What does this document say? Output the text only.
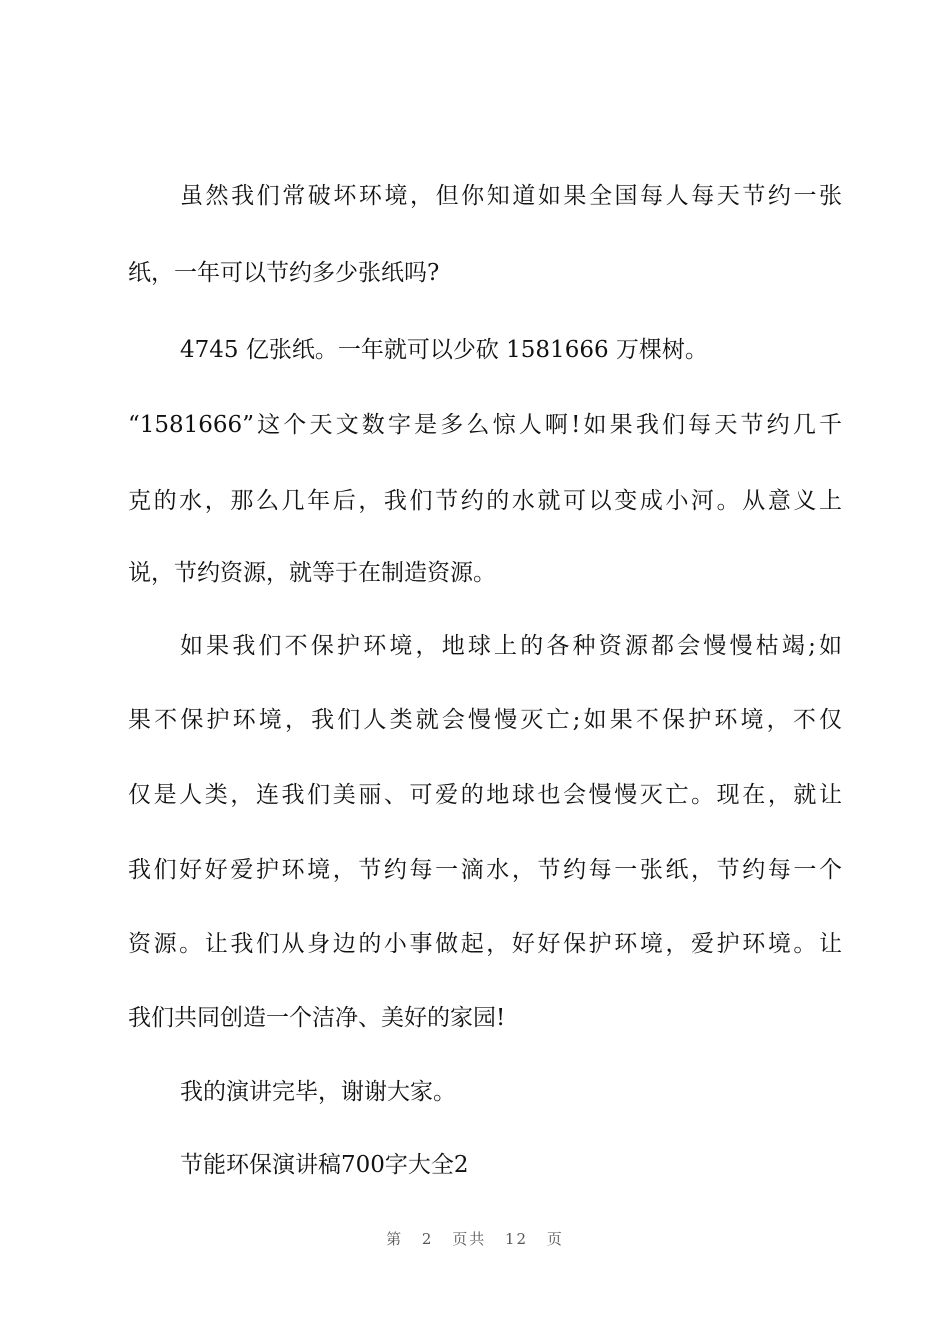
虽然我们常破坏环境，但你知道如果全国每人每天节约一张
纸，一年可以节约多少张纸吗?
4745 亿张纸。一年就可以少砍 1581666 万棵树。
“1581666”这个天文数字是多么惊人啊!如果我们每天节约几千
克的水，那么几年后，我们节约的水就可以变成小河。从意义上
说，节约资源，就等于在制造资源。
如果我们不保护环境，地球上的各种资源都会慢慢枯竭;如
果不保护环境，我们人类就会慢慢灭亡;如果不保护环境，不仅
仅是人类，连我们美丽、可爱的地球也会慢慢灭亡。现在，就让
我们好好爱护环境，节约每一滴水，节约每一张纸，节约每一个
资源。让我们从身边的小事做起，好好保护环境，爱护环境。让
我们共同创造一个洁净、美好的家园!
我的演讲完毕，谢谢大家。
节能环保演讲稿700字大全2
第 2 页共 12 页
